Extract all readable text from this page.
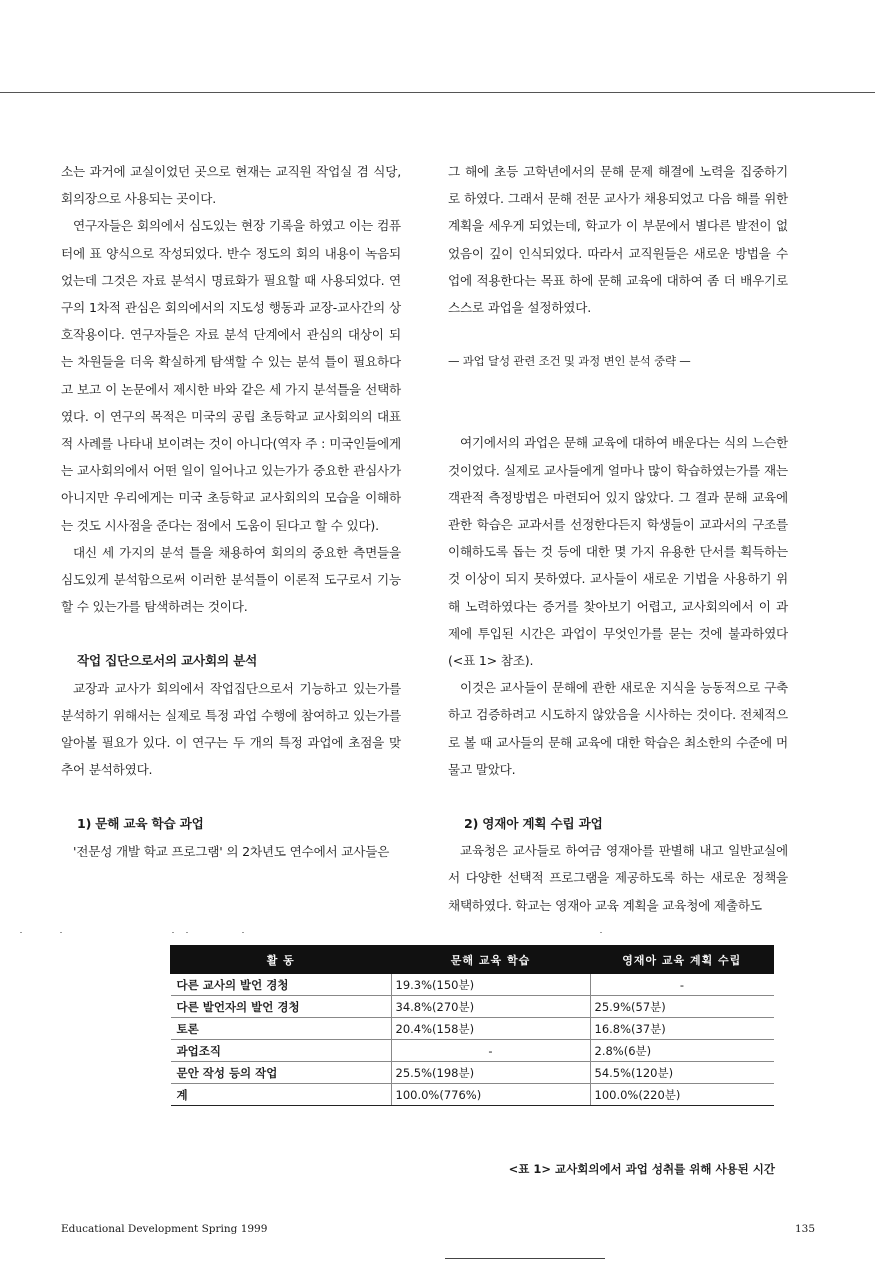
소는 과거에 교실이었던 곳으로 현재는 교직원 작업실 겸 식당, 회의장으로 사용되는 곳이다.

연구자들은 회의에서 심도있는 현장 기록을 하였고 이는 컴퓨터에 표 양식으로 작성되었다. 반수 정도의 회의 내용이 녹음되었는데 그것은 자료 분석시 명료화가 필요할 때 사용되었다. 연구의 1차적 관심은 회의에서의 지도성 행동과 교장-교사간의 상호작용이다. 연구자들은 자료 분석 단계에서 관심의 대상이 되는 차원들을 더욱 확실하게 탐색할 수 있는 분석 틀이 필요하다고 보고 이 논문에서 제시한 바와 같은 세 가지 분석틀을 선택하였다. 이 연구의 목적은 미국의 공립 초등학교 교사회의의 대표적 사례를 나타내 보이려는 것이 아니다(역자 주 : 미국인들에게는 교사회의에서 어떤 일이 일어나고 있는가가 중요한 관심사가 아니지만 우리에게는 미국 초등학교 교사회의의 모습을 이해하는 것도 시사점을 준다는 점에서 도움이 된다고 할 수 있다).

대신 세 가지의 분석 틀을 채용하여 회의의 중요한 측면들을 심도있게 분석함으로써 이러한 분석틀이 이론적 도구로서 기능할 수 있는가를 탐색하려는 것이다.

작업 집단으로서의 교사회의 분석

교장과 교사가 회의에서 작업집단으로서 기능하고 있는가를 분석하기 위해서는 실제로 특정 과업 수행에 참여하고 있는가를 알아볼 필요가 있다. 이 연구는 두 개의 특정 과업에 초점을 맞추어 분석하였다.

1) 문해 교육 학습 과업

'전문성 개발 학교 프로그램' 의 2차년도 연수에서 교사들은

그 해에 초등 고학년에서의 문해 문제 해결에 노력을 집중하기로 하였다. 그래서 문해 전문 교사가 채용되었고 다음 해를 위한 계획을 세우게 되었는데, 학교가 이 부문에서 별다른 발전이 없었음이 깊이 인식되었다. 따라서 교직원들은 새로운 방법을 수업에 적용한다는 목표 하에 문해 교육에 대하여 좀 더 배우기로 스스로 과업을 설정하였다.

— 과업 달성 관련 조건 및 과정 변인 분석 중략 —

여기에서의 과업은 문해 교육에 대하여 배운다는 식의 느슨한 것이었다. 실제로 교사들에게 얼마나 많이 학습하였는가를 재는 객관적 측정방법은 마련되어 있지 않았다. 그 결과 문해 교육에 관한 학습은 교과서를 선정한다든지 학생들이 교과서의 구조를 이해하도록 돕는 것 등에 대한 몇 가지 유용한 단서를 획득하는 것 이상이 되지 못하였다. 교사들이 새로운 기법을 사용하기 위해 노력하였다는 증거를 찾아보기 어렵고, 교사회의에서 이 과제에 투입된 시간은 과업이 무엇인가를 묻는 것에 불과하였다(<표 1> 참조).

이것은 교사들이 문해에 관한 새로운 지식을 능동적으로 구축하고 검증하려고 시도하지 않았음을 시사하는 것이다. 전체적으로 볼 때 교사들의 문해 교육에 대한 학습은 최소한의 수준에 머물고 말았다.

2) 영재아 계획 수립 과업

교육청은 교사들로 하여금 영재아를 판별해 내고 일반교실에서 다양한 선택적 프로그램을 제공하도록 하는 새로운 정책을 채택하였다. 학교는 영재아 교육 계획을 교육청에 제출하도

활 동	문해 교육 학습	영재아 교육 계획 수립
다른 교사의 발언 경청	19.3%(150분)	-
다른 발언자의 발언 경청	34.8%(270분)	25.9%(57분)
토론	20.4%(158분)	16.8%(37분)
과업조직	-	2.8%(6분)
문안 작성 등의 작업	25.5%(198분)	54.5%(120분)
계	100.0%(776%)	100.0%(220분)
<표 1> 교사회의에서 과업 성취를 위해 사용된 시간
Educational Development Spring 1999	135
